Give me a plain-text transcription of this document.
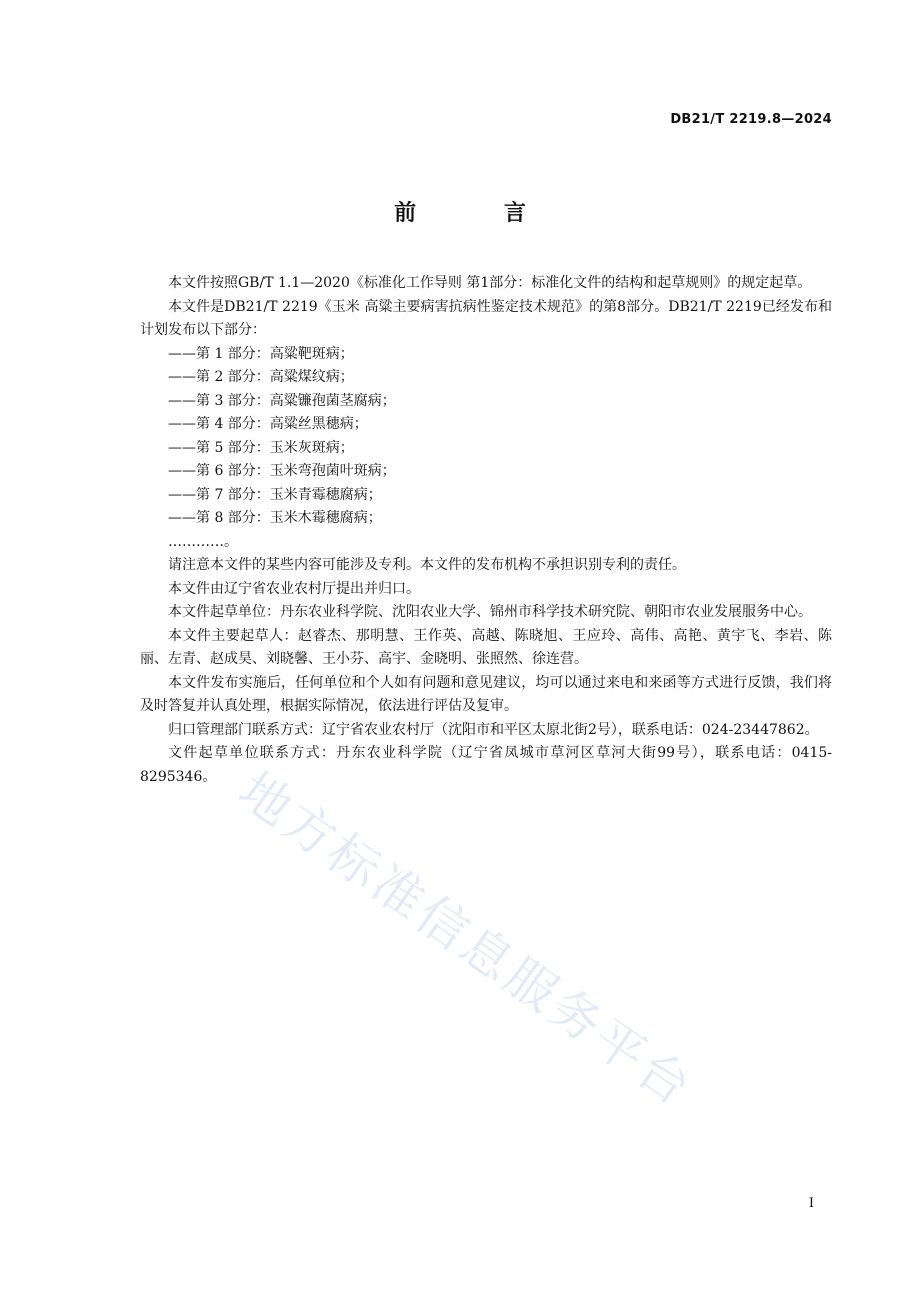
DB21/T 2219.8—2024
前 言

本文件按照GB/T 1.1—2020《标准化工作导则 第1部分：标准化文件的结构和起草规则》的规定起草。

本文件是DB21/T 2219《玉米 高粱主要病害抗病性鉴定技术规范》的第8部分。DB21/T 2219已经发布和计划发布以下部分：

——第 1 部分：高粱靶斑病；

——第 2 部分：高粱煤纹病；

——第 3 部分：高粱镰孢菌茎腐病；

——第 4 部分：高粱丝黑穗病；

——第 5 部分：玉米灰斑病；

——第 6 部分：玉米弯孢菌叶斑病；

——第 7 部分：玉米青霉穗腐病；

——第 8 部分：玉米木霉穗腐病；

…………。

请注意本文件的某些内容可能涉及专利。本文件的发布机构不承担识别专利的责任。

本文件由辽宁省农业农村厅提出并归口。

本文件起草单位：丹东农业科学院、沈阳农业大学、锦州市科学技术研究院、朝阳市农业发展服务中心。

本文件主要起草人：赵睿杰、那明慧、王作英、高越、陈晓旭、王应玲、高伟、高艳、黄宇飞、李岩、陈丽、左青、赵成昊、刘晓馨、王小芬、高宇、金晓明、张照然、徐连营。

本文件发布实施后，任何单位和个人如有问题和意见建议，均可以通过来电和来函等方式进行反馈，我们将及时答复并认真处理，根据实际情况，依法进行评估及复审。

归口管理部门联系方式：辽宁省农业农村厅（沈阳市和平区太原北街2号），联系电话：024-23447862。

文件起草单位联系方式：丹东农业科学院（辽宁省凤城市草河区草河大街99号），联系电话：0415-8295346。 地方标准信息服务平台
I
